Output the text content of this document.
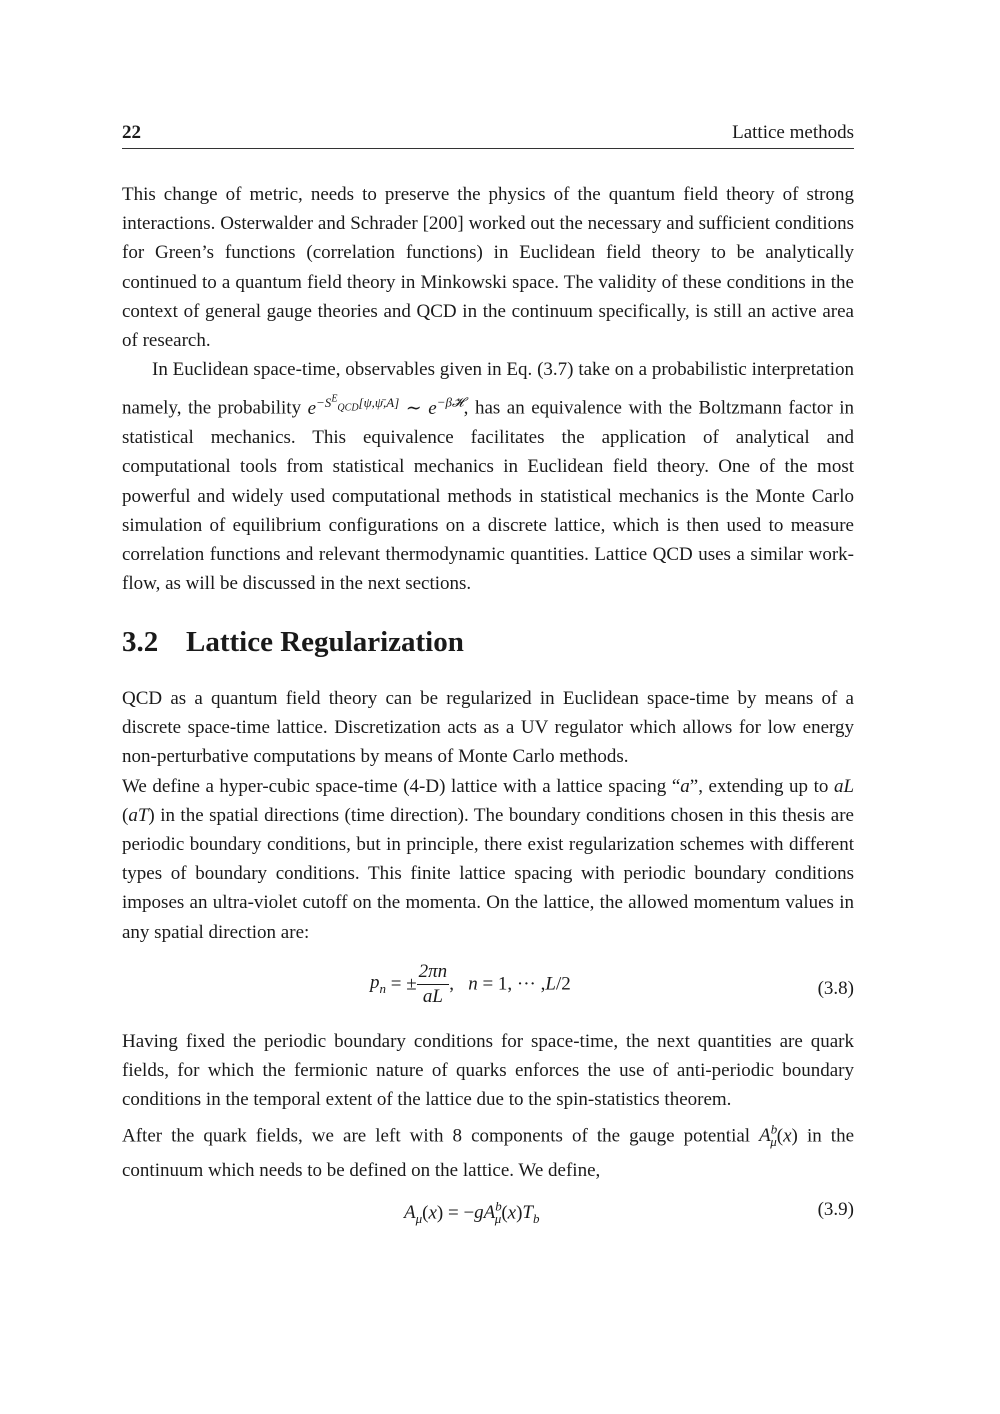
22	Lattice methods

This change of metric, needs to preserve the physics of the quantum field theory of strong interactions. Osterwalder and Schrader [200] worked out the necessary and sufficient conditions for Green’s functions (correlation functions) in Euclidean field theory to be analytically continued to a quantum field theory in Minkowski space. The validity of these conditions in the context of general gauge theories and QCD in the continuum specifically, is still an active area of research.

In Euclidean space-time, observables given in Eq. (3.7) take on a probabilistic interpretation namely, the probability $e^{-S^E_{QCD}[\psi,\psī,A]}$ ∼ $e^{-\beta 𝓗}$, has an equivalence with the Boltzmann factor in statistical mechanics. This equivalence facilitates the application of analytical and computational tools from statistical mechanics in Euclidean field theory. One of the most powerful and widely used computational methods in statistical mechanics is the Monte Carlo simulation of equilibrium configurations on a discrete lattice, which is then used to measure correlation functions and relevant thermodynamic quantities. Lattice QCD uses a similar work-flow, as will be discussed in the next sections.

3.2 Lattice Regularization

QCD as a quantum field theory can be regularized in Euclidean space-time by means of a discrete space-time lattice. Discretization acts as a UV regulator which allows for low energy non-perturbative computations by means of Monte Carlo methods.

We define a hyper-cubic space-time (4-D) lattice with a lattice spacing “a”, extending up to aL (aT) in the spatial directions (time direction). The boundary conditions chosen in this thesis are periodic boundary conditions, but in principle, there exist regularization schemes with different types of boundary conditions. This finite lattice spacing with periodic boundary conditions imposes an ultra-violet cutoff on the momenta. On the lattice, the allowed momentum values in any spatial direction are:

$p_n$ = ± $\frac{2\pi n}{aL}$ ,   n = 1, ··· ,L/2	(3.8)

Having fixed the periodic boundary conditions for space-time, the next quantities are quark fields, for which the fermionic nature of quarks enforces the use of anti-periodic boundary conditions in the temporal extent of the lattice due to the spin-statistics theorem.

After the quark fields, we are left with 8 components of the gauge potential $A^b_\mu(x)$ in the continuum which needs to be defined on the lattice. We define,

$A_\mu(x) = -gA^b_\mu(x)T_b$	(3.9)
